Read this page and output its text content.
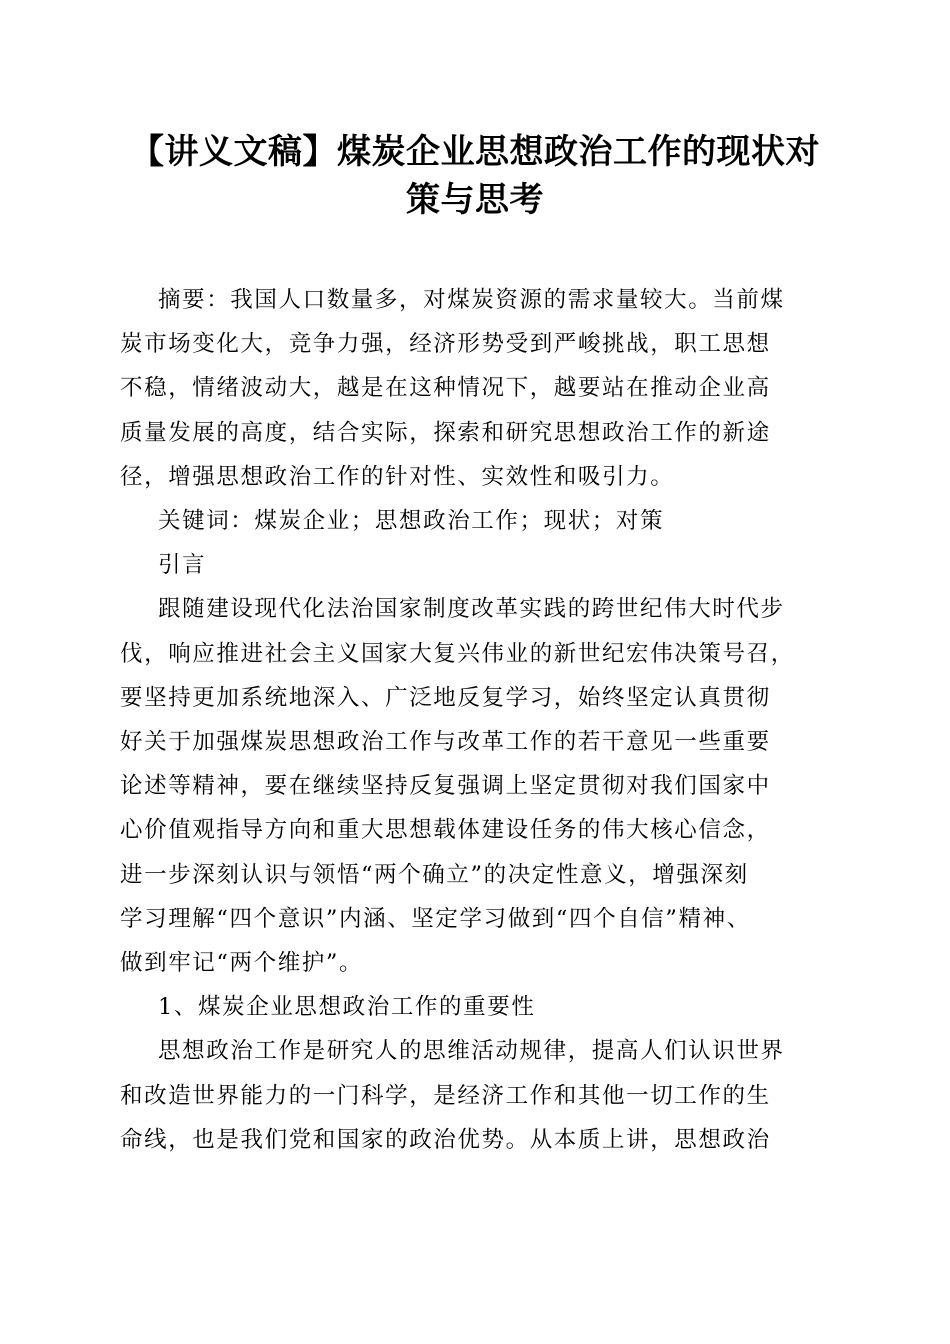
【讲义文稿】煤炭企业思想政治工作的现状对
策与思考
摘要：我国人口数量多，对煤炭资源的需求量较大。当前煤
炭市场变化大，竞争力强，经济形势受到严峻挑战，职工思想
不稳，情绪波动大，越是在这种情况下，越要站在推动企业高
质量发展的高度，结合实际，探索和研究思想政治工作的新途
径，增强思想政治工作的针对性、实效性和吸引力。
关键词：煤炭企业；思想政治工作；现状；对策
引言
跟随建设现代化法治国家制度改革实践的跨世纪伟大时代步
伐，响应推进社会主义国家大复兴伟业的新世纪宏伟决策号召，
要坚持更加系统地深入、广泛地反复学习，始终坚定认真贯彻
好关于加强煤炭思想政治工作与改革工作的若干意见一些重要
论述等精神，要在继续坚持反复强调上坚定贯彻对我们国家中
心价值观指导方向和重大思想载体建设任务的伟大核心信念，
进一步深刻认识与领悟“两个确立”的决定性意义，增强深刻
学习理解“四个意识”内涵、坚定学习做到“四个自信”精神、
做到牢记“两个维护”。
1、煤炭企业思想政治工作的重要性
思想政治工作是研究人的思维活动规律，提高人们认识世界
和改造世界能力的一门科学，是经济工作和其他一切工作的生
命线，也是我们党和国家的政治优势。从本质上讲，思想政治
